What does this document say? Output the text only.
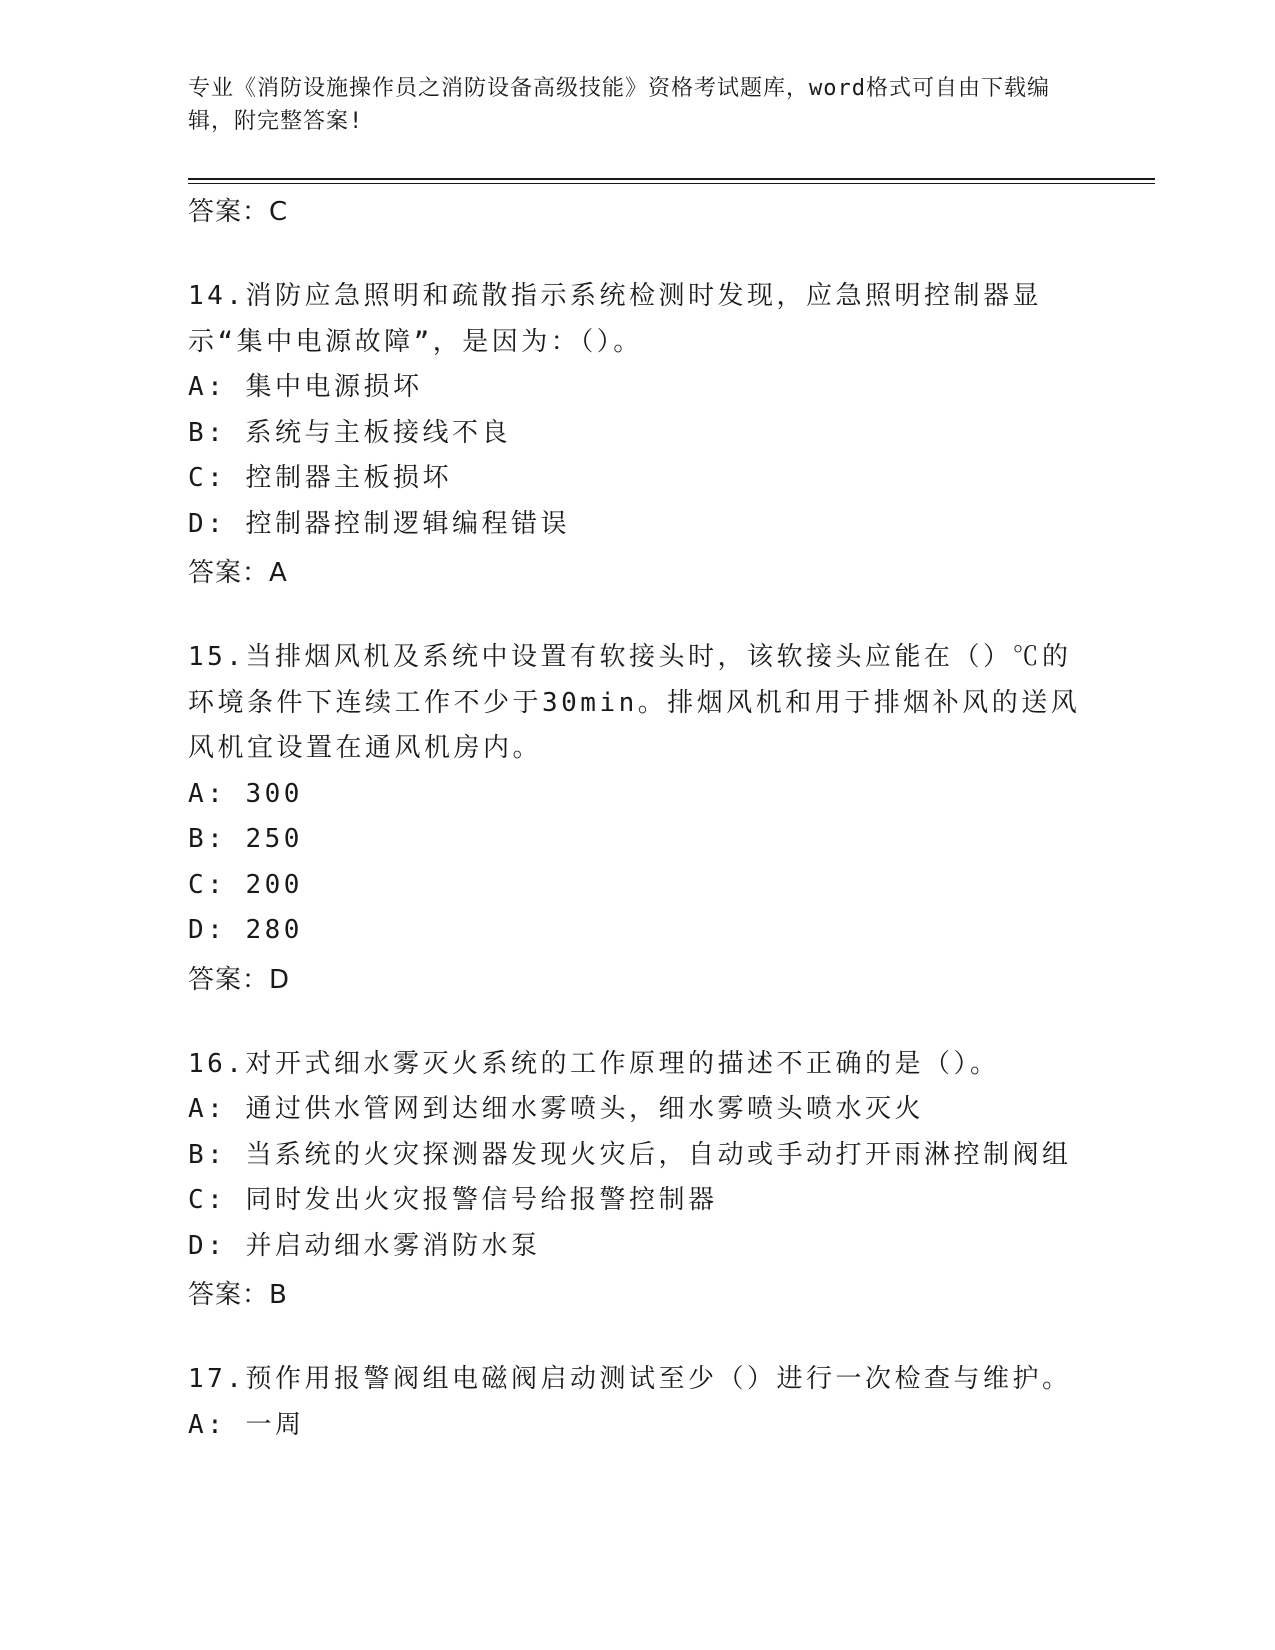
专业《消防设施操作员之消防设备高级技能》资格考试题库，word格式可自由下载编辑，附完整答案!
答案：C
14.消防应急照明和疏散指示系统检测时发现，应急照明控制器显示“集中电源故障”，是因为：（）。
A: 集中电源损坏
B: 系统与主板接线不良
C: 控制器主板损坏
D: 控制器控制逻辑编程错误
答案：A
15.当排烟风机及系统中设置有软接头时，该软接头应能在（）℃的环境条件下连续工作不少于30min。排烟风机和用于排烟补风的送风风机宜设置在通风机房内。
A: 300
B: 250
C: 200
D: 280
答案：D
16.对开式细水雾灭火系统的工作原理的描述不正确的是（）。
A: 通过供水管网到达细水雾喷头，细水雾喷头喷水灭火
B: 当系统的火灾探测器发现火灾后，自动或手动打开雨淋控制阀组
C: 同时发出火灾报警信号给报警控制器
D: 并启动细水雾消防水泵
答案：B
17.预作用报警阀组电磁阀启动测试至少（）进行一次检查与维护。
A: 一周
